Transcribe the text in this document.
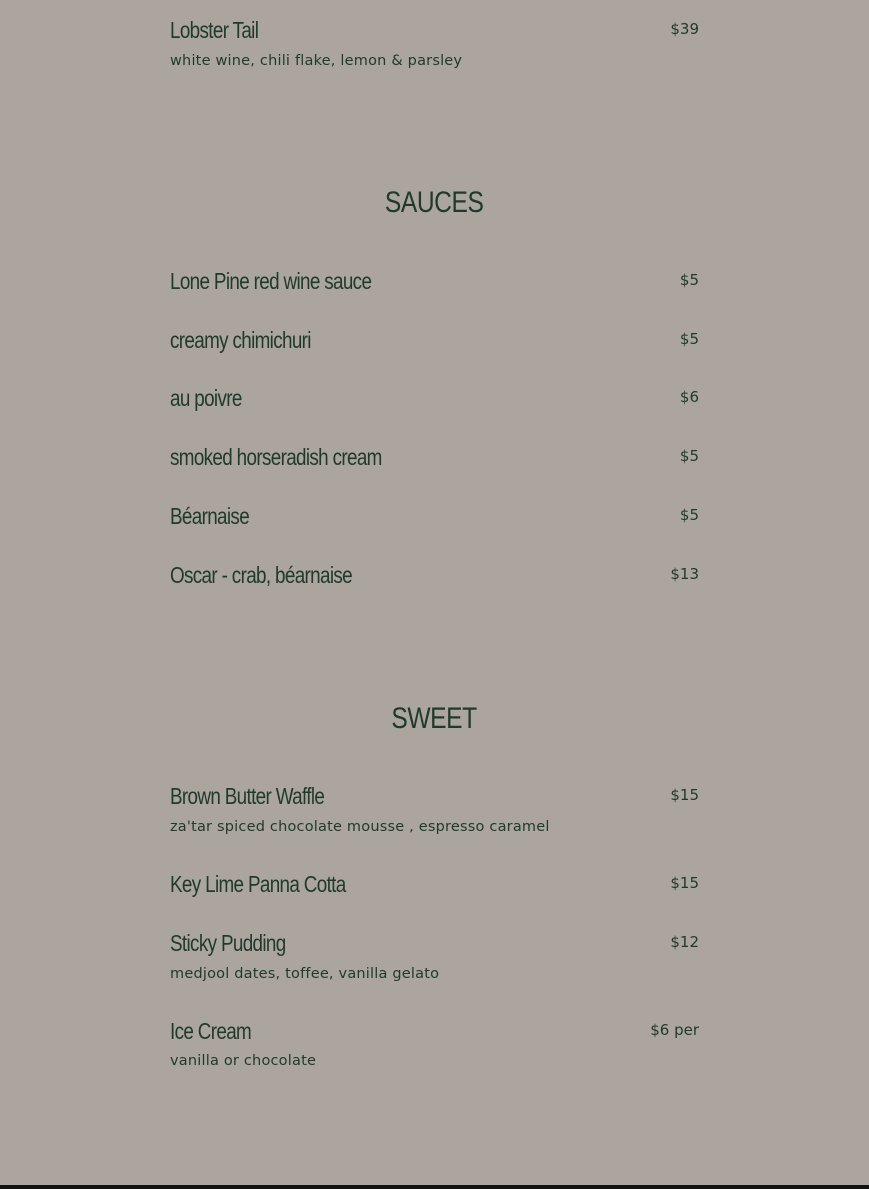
Lobster Tail	$39
white wine, chili flake, lemon & parsley
SAUCES
Lone Pine red wine sauce	$5
creamy chimichuri	$5
au poivre	$6
smoked horseradish cream	$5
Béarnaise	$5
Oscar - crab, béarnaise	$13
SWEET
Brown Butter Waffle	$15
za'tar spiced chocolate mousse , espresso caramel
Key Lime Panna Cotta	$15
Sticky Pudding	$12
medjool dates, toffee, vanilla gelato
Ice Cream	$6 per
vanilla or chocolate
